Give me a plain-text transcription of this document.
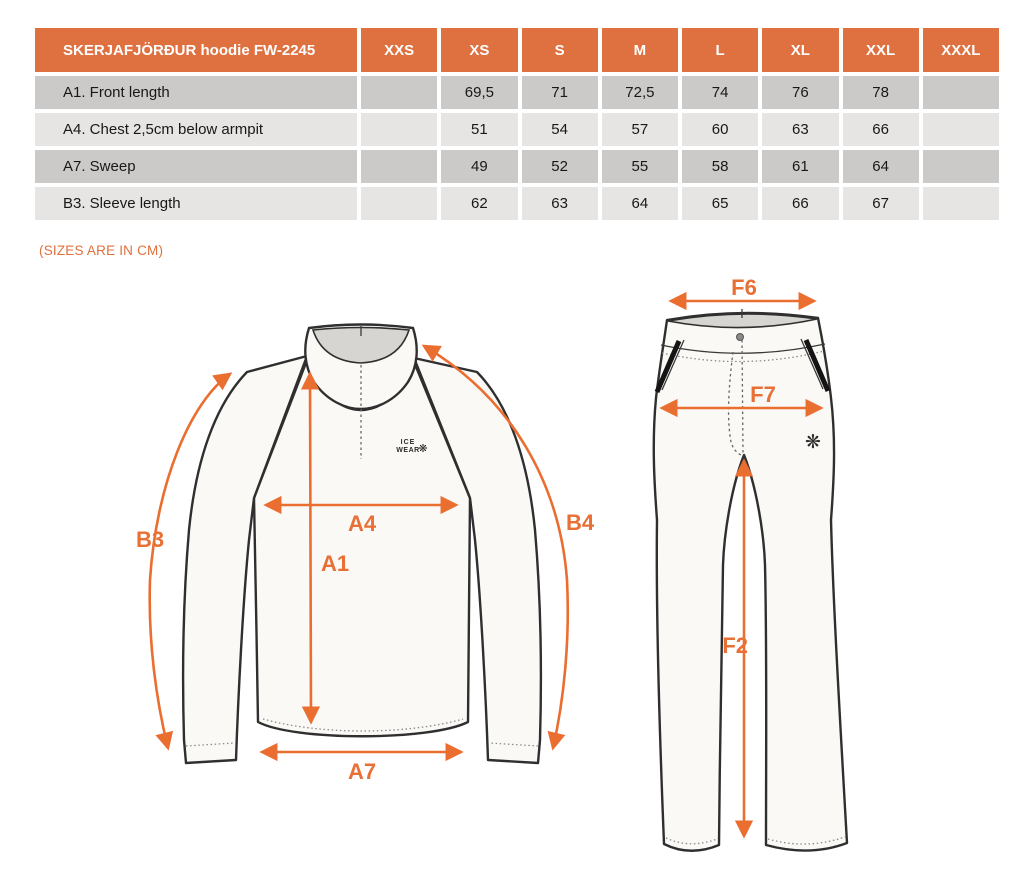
SKERJAFJÖRÐUR hoodie FW-2245	XXS	XS	S	M	L	XL	XXL	XXXL
A1. Front length		69,5	71	72,5	74	76	78	
A4. Chest 2,5cm below armpit		51	54	57	60	63	66	
A7. Sweep		49	52	55	58	61	64	
B3. Sleeve length		62	63	64	65	66	67	
(SIZES ARE IN CM)
ICE
WEAR
❋
B3
B4
A4
A1
A7
❋
F6
F7
F2
